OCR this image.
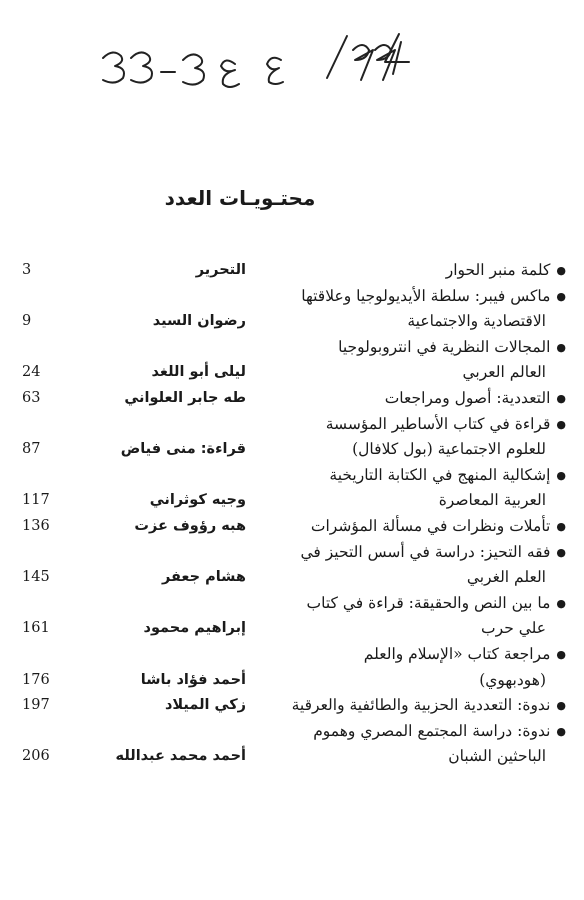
محتـويـات العدد
●كلمة منبر الحوار
التحرير
3
●ماكس فيبر: سلطة الأيديولوجيا وعلاقتها
الاقتصادية والاجتماعية
رضوان السيد
9
●المجالات النظرية في انتروبولوجيا
العالم العربي
ليلى أبو اللغد
24
●التعددية: أصول ومراجعات
طه جابر العلواني
63
●قراءة في كتاب الأساطير المؤسسة
للعلوم الاجتماعية (بول كلافال)
قراءة: منى فياض
87
●إشكالية المنهج في الكتابة التاريخية
العربية المعاصرة
وجيه كوثراني
117
●تأملات ونظرات في مسألة المؤشرات
هبه رؤوف عزت
136
●فقه التحيز: دراسة في أسس التحيز في
العلم الغربي
هشام جعفر
145
●ما بين النص والحقيقة: قراءة في كتاب
علي حرب
إبراهيم محمود
161
●مراجعة كتاب «الإسلام والعلم
(هودبهوي)
أحمد فؤاد باشا
176
●ندوة: التعددية الحزبية والطائفية والعرقية
زكي الميلاد
197
●ندوة: دراسة المجتمع المصري وهموم
الباحثين الشبان
أحمد محمد عبدالله
206
